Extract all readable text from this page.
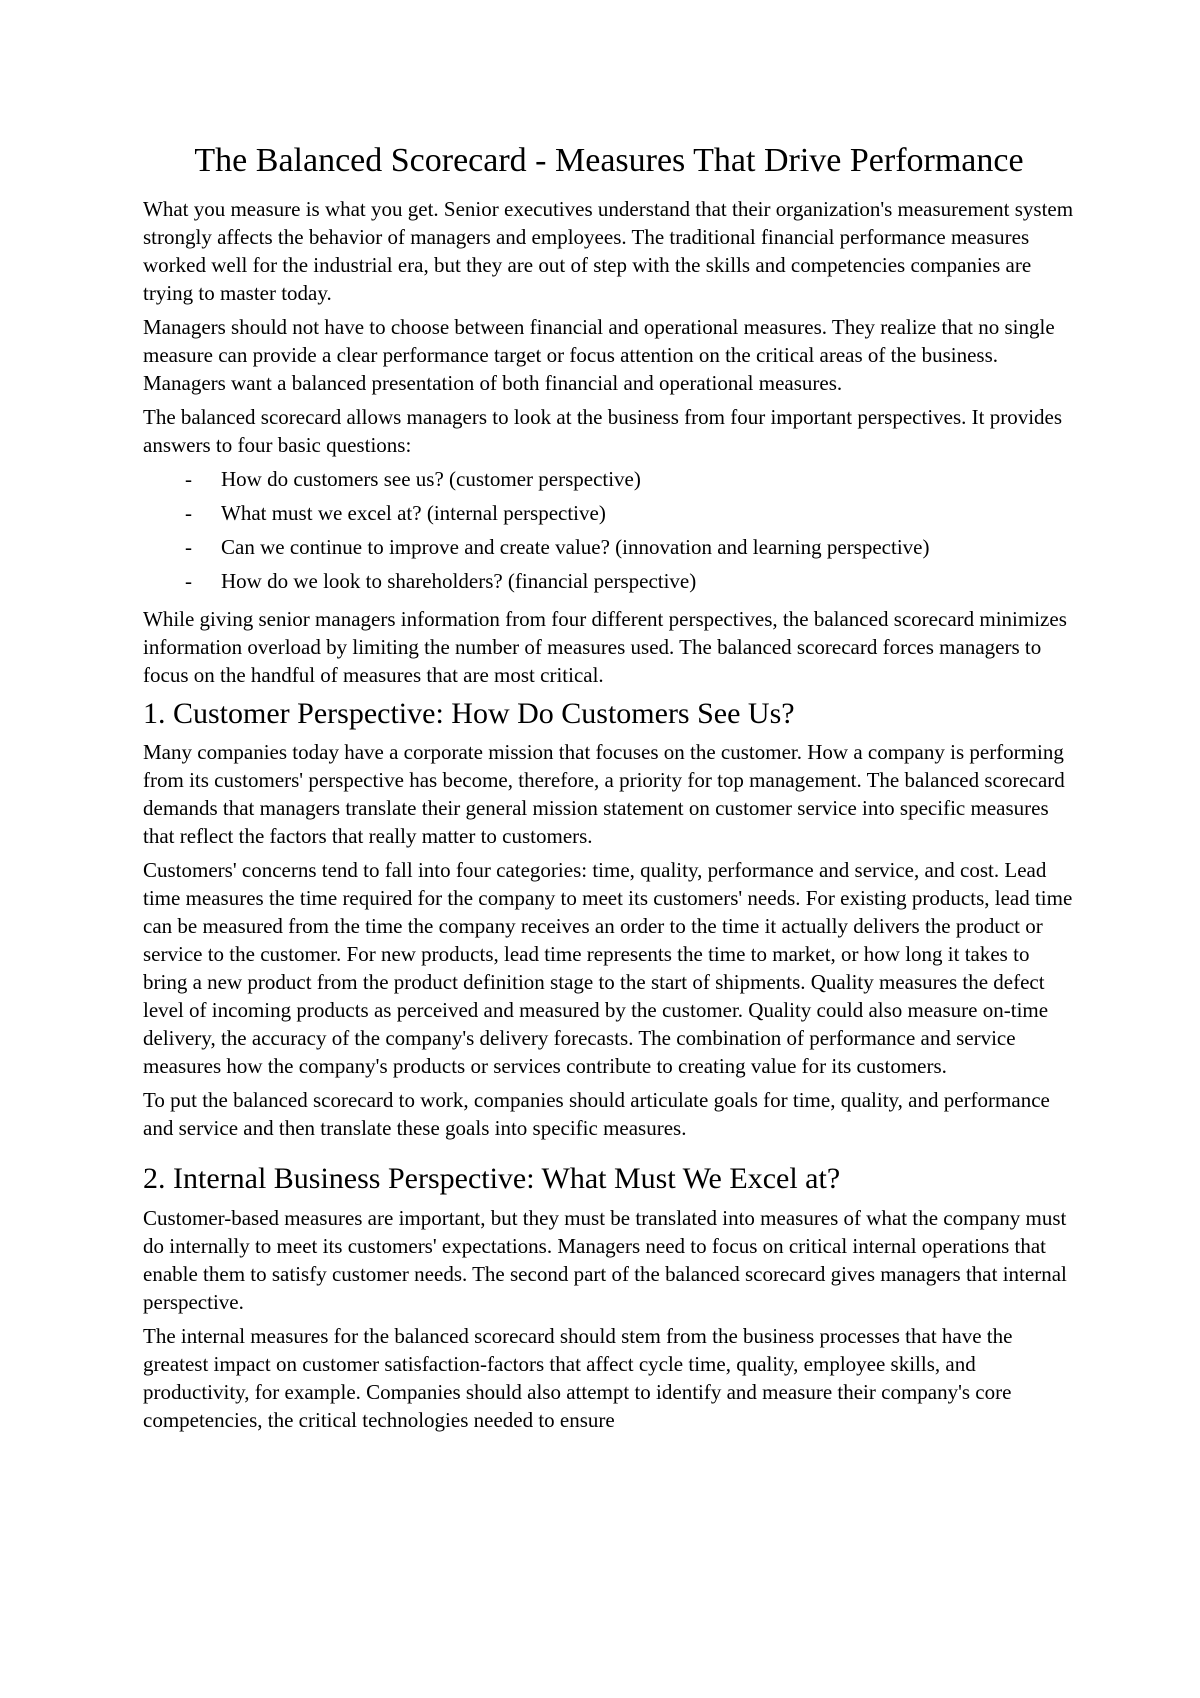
The Balanced Scorecard - Measures That Drive Performance

What you measure is what you get. Senior executives understand that their organization's measurement system strongly affects the behavior of managers and employees. The traditional financial performance measures worked well for the industrial era, but they are out of step with the skills and competencies companies are trying to master today.

Managers should not have to choose between financial and operational measures. They realize that no single measure can provide a clear performance target or focus attention on the critical areas of the business. Managers want a balanced presentation of both financial and operational measures.

The balanced scorecard allows managers to look at the business from four important perspectives. It provides answers to four basic questions:

-	How do customers see us? (customer perspective)
-	What must we excel at? (internal perspective)
-	Can we continue to improve and create value? (innovation and learning perspective)
-	How do we look to shareholders? (financial perspective)

While giving senior managers information from four different perspectives, the balanced scorecard minimizes information overload by limiting the number of measures used. The balanced scorecard forces managers to focus on the handful of measures that are most critical.

1. Customer Perspective: How Do Customers See Us?

Many companies today have a corporate mission that focuses on the customer. How a company is performing from its customers' perspective has become, therefore, a priority for top management. The balanced scorecard demands that managers translate their general mission statement on customer service into specific measures that reflect the factors that really matter to customers.

Customers' concerns tend to fall into four categories: time, quality, performance and service, and cost. Lead time measures the time required for the company to meet its customers' needs. For existing products, lead time can be measured from the time the company receives an order to the time it actually delivers the product or service to the customer. For new products, lead time represents the time to market, or how long it takes to bring a new product from the product definition stage to the start of shipments. Quality measures the defect level of incoming products as perceived and measured by the customer. Quality could also measure on-time delivery, the accuracy of the company's delivery forecasts. The combination of performance and service measures how the company's products or services contribute to creating value for its customers.

To put the balanced scorecard to work, companies should articulate goals for time, quality, and performance and service and then translate these goals into specific measures.

2. Internal Business Perspective: What Must We Excel at?

Customer-based measures are important, but they must be translated into measures of what the company must do internally to meet its customers' expectations. Managers need to focus on critical internal operations that enable them to satisfy customer needs. The second part of the balanced scorecard gives managers that internal perspective.

The internal measures for the balanced scorecard should stem from the business processes that have the greatest impact on customer satisfaction-factors that affect cycle time, quality, employee skills, and productivity, for example. Companies should also attempt to identify and measure their company's core competencies, the critical technologies needed to ensure
